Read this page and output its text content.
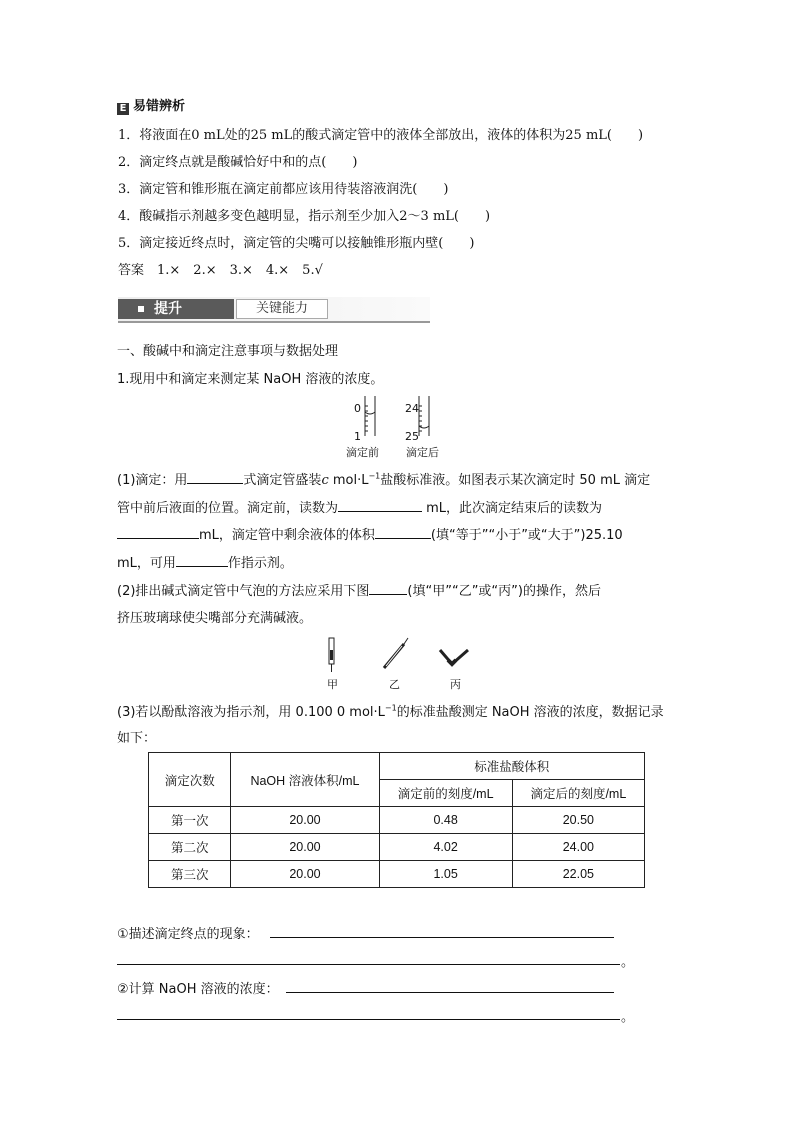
E 易错辨析
1．将液面在0 mL处的25 mL的酸式滴定管中的液体全部放出，液体的体积为25 mL(　　)
2．滴定终点就是酸碱恰好中和的点(　　)
3．滴定管和锥形瓶在滴定前都应该用待装溶液润洗(　　)
4．酸碱指示剂越多变色越明显，指示剂至少加入2～3 mL(　　)
5．滴定接近终点时，滴定管的尖嘴可以接触锥形瓶内壁(　　)
答案　1.×　2.×　3.×　4.×　5.√
提升	关键能力
一、酸碱中和滴定注意事项与数据处理
1.现用中和滴定来测定某 NaOH 溶液的浓度。
0
1
24
25
滴定前 滴定后
(1)滴定：用	式滴定管盛装c $mol\cdot L^{-1}$盐酸标准液。如图表示某次滴定时 50 mL 滴定
管中前后液面的位置。滴定前，读数为	mL，此次滴定结束后的读数为
mL，滴定管中剩余液体的体积	(填“等于”“小于”或“大于”)25.10
mL，可用	作指示剂。
(2)排出碱式滴定管中气泡的方法应采用下图	(填“甲”“乙”或“丙”)的操作，然后
挤压玻璃球使尖嘴部分充满碱液。
甲	乙	丙
(3)若以酚酞溶液为指示剂，用 0.100 0 $mol\cdot L^{-1}$的标准盐酸测定 NaOH 溶液的浓度，数据记录
如下：
滴定次数	NaOH 溶液体积/mL	标准盐酸体积	
		滴定前的刻度/mL	滴定后的刻度/mL
第一次	20.00	0.48	20.50
第二次	20.00	4.02	24.00
第三次	20.00	1.05	22.05
①描述滴定终点的现象：
。
②计算 NaOH 溶液的浓度：
。
